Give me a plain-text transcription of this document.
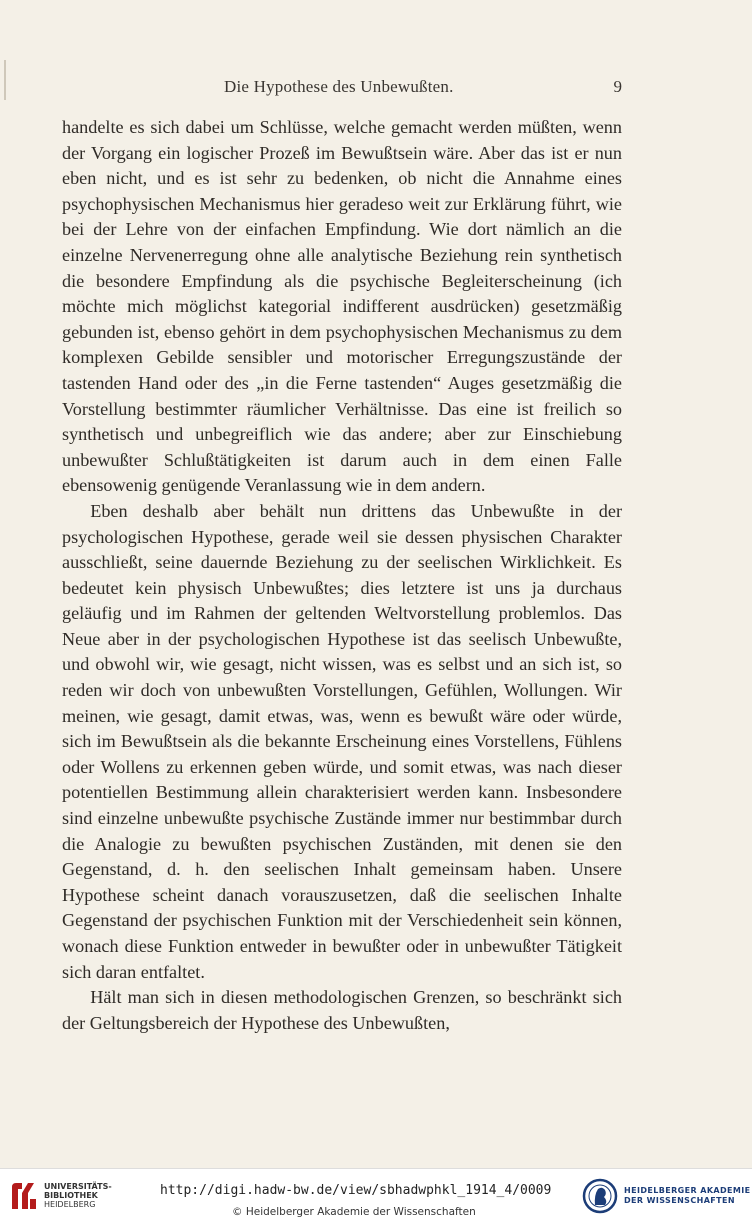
Die Hypothese des Unbewußten.	9

handelte es sich dabei um Schlüsse, welche gemacht werden müßten, wenn der Vorgang ein logischer Prozeß im Bewußtsein wäre. Aber das ist er nun eben nicht, und es ist sehr zu bedenken, ob nicht die Annahme eines psychophysischen Mechanismus hier geradeso weit zur Erklärung führt, wie bei der Lehre von der einfachen Empfindung. Wie dort nämlich an die einzelne Nervenerregung ohne alle analytische Beziehung rein synthetisch die besondere Empfindung als die psychische Begleiterscheinung (ich möchte mich möglichst kategorial indifferent ausdrücken) gesetzmäßig gebunden ist, ebenso gehört in dem psychophysischen Mechanismus zu dem komplexen Gebilde sensibler und motorischer Erregungszustände der tastenden Hand oder des „in die Ferne tastenden“ Auges gesetzmäßig die Vorstellung bestimmter räumlicher Verhältnisse. Das eine ist freilich so synthetisch und unbegreiflich wie das andere; aber zur Einschiebung unbewußter Schlußtätigkeiten ist darum auch in dem einen Falle ebensowenig genügende Veranlassung wie in dem andern.

Eben deshalb aber behält nun drittens das Unbewußte in der psychologischen Hypothese, gerade weil sie dessen physischen Charakter ausschließt, seine dauernde Beziehung zu der seelischen Wirklichkeit. Es bedeutet kein physisch Unbewußtes; dies letztere ist uns ja durchaus geläufig und im Rahmen der geltenden Weltvorstellung problemlos. Das Neue aber in der psychologischen Hypothese ist das seelisch Unbewußte, und obwohl wir, wie gesagt, nicht wissen, was es selbst und an sich ist, so reden wir doch von unbewußten Vorstellungen, Gefühlen, Wollungen. Wir meinen, wie gesagt, damit etwas, was, wenn es bewußt wäre oder würde, sich im Bewußtsein als die bekannte Erscheinung eines Vorstellens, Fühlens oder Wollens zu erkennen geben würde, und somit etwas, was nach dieser potentiellen Bestimmung allein charakterisiert werden kann. Insbesondere sind einzelne unbewußte psychische Zustände immer nur bestimmbar durch die Analogie zu bewußten psychischen Zuständen, mit denen sie den Gegenstand, d. h. den seelischen Inhalt gemeinsam haben. Unsere Hypothese scheint danach vorauszusetzen, daß die seelischen Inhalte Gegenstand der psychischen Funktion mit der Verschiedenheit sein können, wonach diese Funktion entweder in bewußter oder in unbewußter Tätigkeit sich daran entfaltet.

Hält man sich in diesen methodologischen Grenzen, so beschränkt sich der Geltungsbereich der Hypothese des Unbewußten,

UNIVERSITÄTS-
BIBLIOTHEK
HEIDELBERG
http://digi.hadw-bw.de/view/sbhadwphkl_1914_4/0009
© Heidelberger Akademie der Wissenschaften
HEIDELBERGER AKADEMIE
DER WISSENSCHAFTEN
